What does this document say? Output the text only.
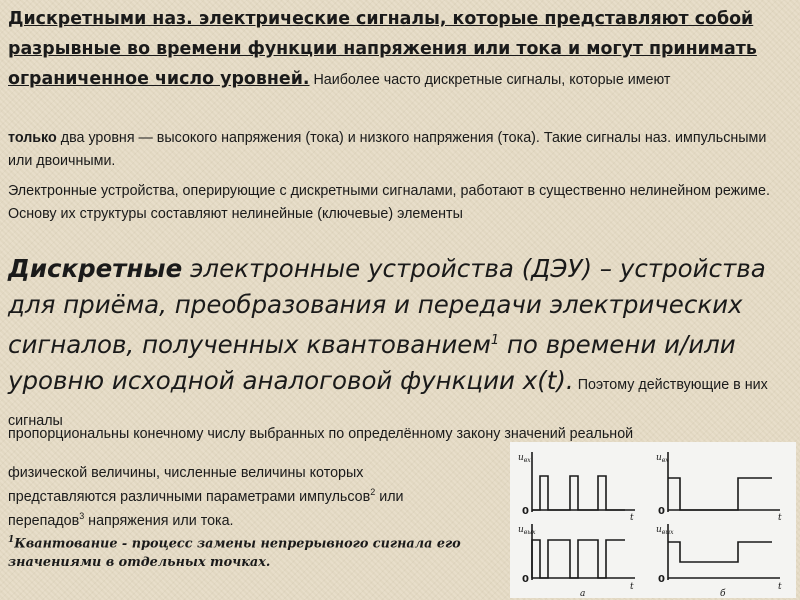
Дискретными наз. электрические сигналы, которые представляют собой разрывные во времени функции напряжения или тока и могут принимать ограниченное число уровней. Наиболее часто дискретные сигналы, которые имеют

только два уровня — высокого напряжения (тока) и низкого напряжения (тока). Такие сигналы наз. импульсными или двоичными.

Электронные устройства, оперирующие с дискретными сигналами, работают в существенно нелинейном режиме. Основу их структуры составляют нелинейные (ключевые) элементы

Дискретные электронные устройства (ДЭУ) – устройства для приёма, преобразования и передачи электрических сигналов, полученных квантованием$^1$ по времени и/или уровню исходной аналоговой функции x(t). Поэтому действующие в них сигналы

пропорциональны конечному числу выбранных по определённому закону значений реальной

физической величины, численные величины которых
представляются различными параметрами импульсов$^2$ или
перепадов$^3$ напряжения или тока.

$^1$Квантование - процесс замены непрерывного сигнала его значениями в отдельных точках.

$u_{вх}$
$u_{вых}$
$u_{вх}$
$u_{вых}$
t
t
t
t
0
0
0
0
а	б
